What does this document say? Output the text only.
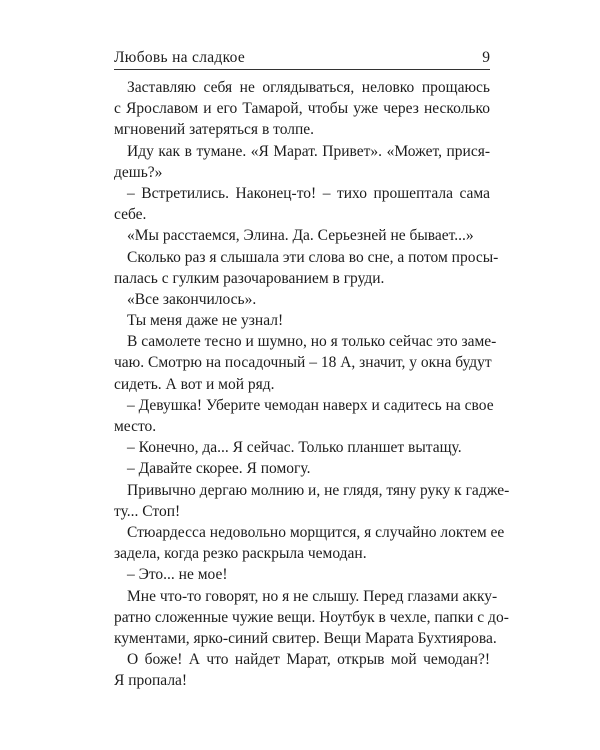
Любовь на сладкое	9
Заставляю себя не оглядываться, неловко прощаюсь
с Ярославом и его Тамарой, чтобы уже через несколько
мгновений затеряться в толпе.
Иду как в тумане. «Я Марат. Привет». «Может, прися-
дешь?»
– Встретились. Наконец-то! – тихо прошептала сама
себе.
«Мы расстаемся, Элина. Да. Серьезней не бывает...»
Сколько раз я слышала эти слова во сне, а потом просы-
палась с гулким разочарованием в груди.
«Все закончилось».
Ты меня даже не узнал!
В самолете тесно и шумно, но я только сейчас это заме-
чаю. Смотрю на посадочный – 18 А, значит, у окна будут
сидеть. А вот и мой ряд.
– Девушка! Уберите чемодан наверх и садитесь на свое
место.
– Конечно, да... Я сейчас. Только планшет вытащу.
– Давайте скорее. Я помогу.
Привычно дергаю молнию и, не глядя, тяну руку к гадже-
ту... Стоп!
Стюардесса недовольно морщится, я случайно локтем ее
задела, когда резко раскрыла чемодан.
– Это... не мое!
Мне что-то говорят, но я не слышу. Перед глазами акку-
ратно сложенные чужие вещи. Ноутбук в чехле, папки с до-
кументами, ярко-синий свитер. Вещи Марата Бухтиярова.
О боже! А что найдет Марат, открыв мой чемодан?!
Я пропала!
